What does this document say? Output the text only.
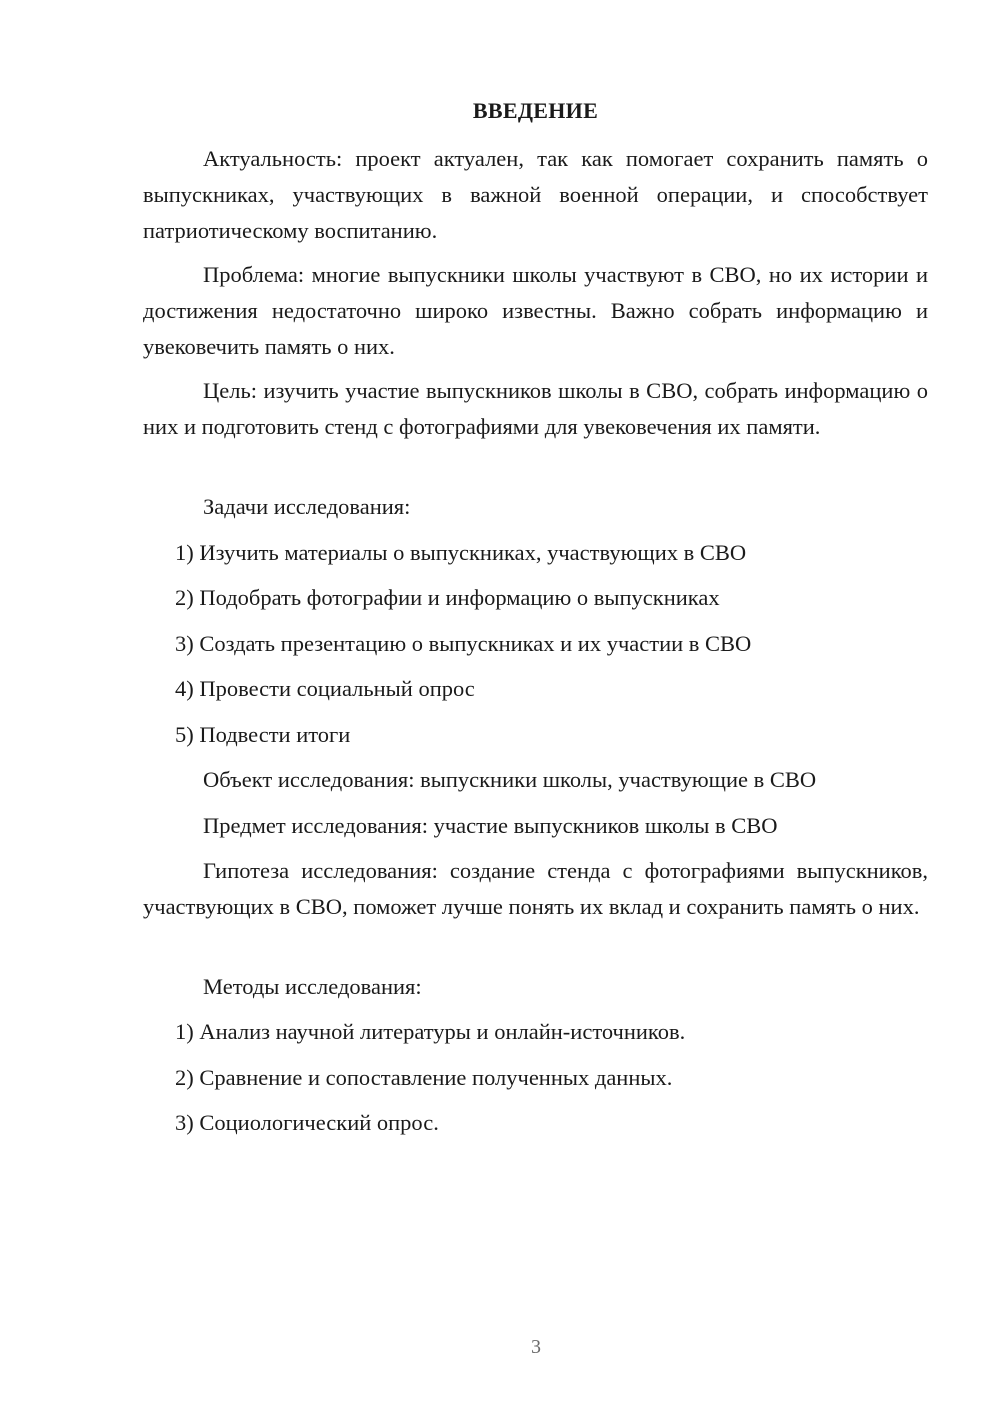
ВВЕДЕНИЕ

Актуальность: проект актуален, так как помогает сохранить память о выпускниках, участвующих в важной военной операции, и способствует патриотическому воспитанию.

Проблема: многие выпускники школы участвуют в СВО, но их истории и достижения недостаточно широко известны. Важно собрать информацию и увековечить память о них.

Цель: изучить участие выпускников школы в СВО, собрать информацию о них и подготовить стенд с фотографиями для увековечения их памяти.

Задачи исследования:
1) Изучить материалы о выпускниках, участвующих в СВО
2) Подобрать фотографии и информацию о выпускниках
3) Создать презентацию о выпускниках и их участии в СВО
4) Провести социальный опрос
5) Подвести итоги
Объект исследования: выпускники школы, участвующие в СВО
Предмет исследования: участие выпускников школы в СВО

Гипотеза исследования: создание стенда с фотографиями выпускников, участвующих в СВО, поможет лучше понять их вклад и сохранить память о них.

Методы исследования:
1) Анализ научной литературы и онлайн-источников.
2) Сравнение и сопоставление полученных данных.
3) Социологический опрос.
3
